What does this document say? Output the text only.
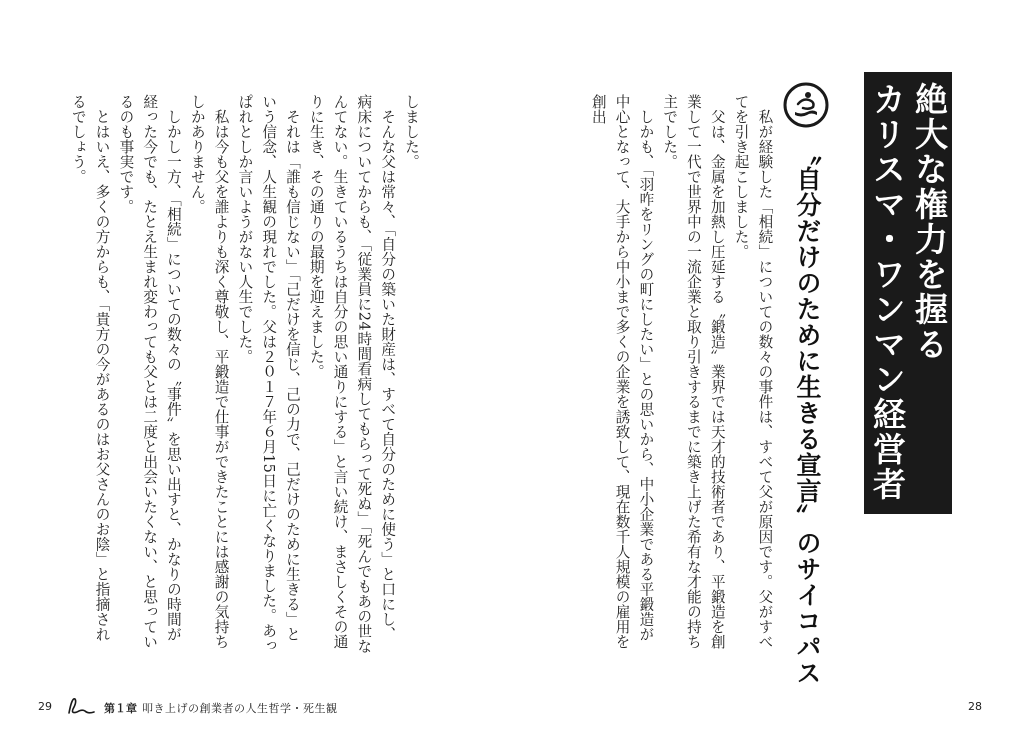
絶大な権力を握る
カリスマ・ワンマン経営者
〝自分だけのために生きる宣言〟のサイコパス

　私が経験した「相続」についての数々の事件は、すべて父が原因です。父がすべてを引き起こしました。

　父は、金属を加熱し圧延する〝鍛造〟業界では天才的技術者であり、平鍛造を創業して一代で世界中の一流企業と取り引きするまでに築き上げた希有な才能の持ち主でした。

　しかも、「羽咋をリングの町にしたい」との思いから、中小企業である平鍛造が中心となって、大手から中小まで多くの企業を誘致して、現在数千人規模の雇用を創出

しました。

　そんな父は常々、「自分の築いた財産は、すべて自分のために使う」と口にし、病床についてからも、「従業員に24時間看病してもらって死ぬ」「死んでもあの世なんてない。生きているうちは自分の思い通りにする」と言い続け、まさしくその通りに生き、その通りの最期を迎えました。

　それは「誰も信じない」「己だけを信じ、己の力で、己だけのために生きる」という信念、人生観の現れでした。父は２０１７年６月15日に亡くなりました。あっぱれとしか言いようがない人生でした。

　私は今も父を誰よりも深く尊敬し、平鍛造で仕事ができたことには感謝の気持ちしかありません。

　しかし一方、「相続」についての数々の〝事件〟を思い出すと、かなりの時間が経った今でも、たとえ生まれ変わっても父とは二度と出会いたくない、と思っているのも事実です。

　とはいえ、多くの方からも、「貴方の今があるのはお父さんのお陰」と指摘されるでしょう。

29	第１章 叩き上げの創業者の人生哲学・死生観	28
